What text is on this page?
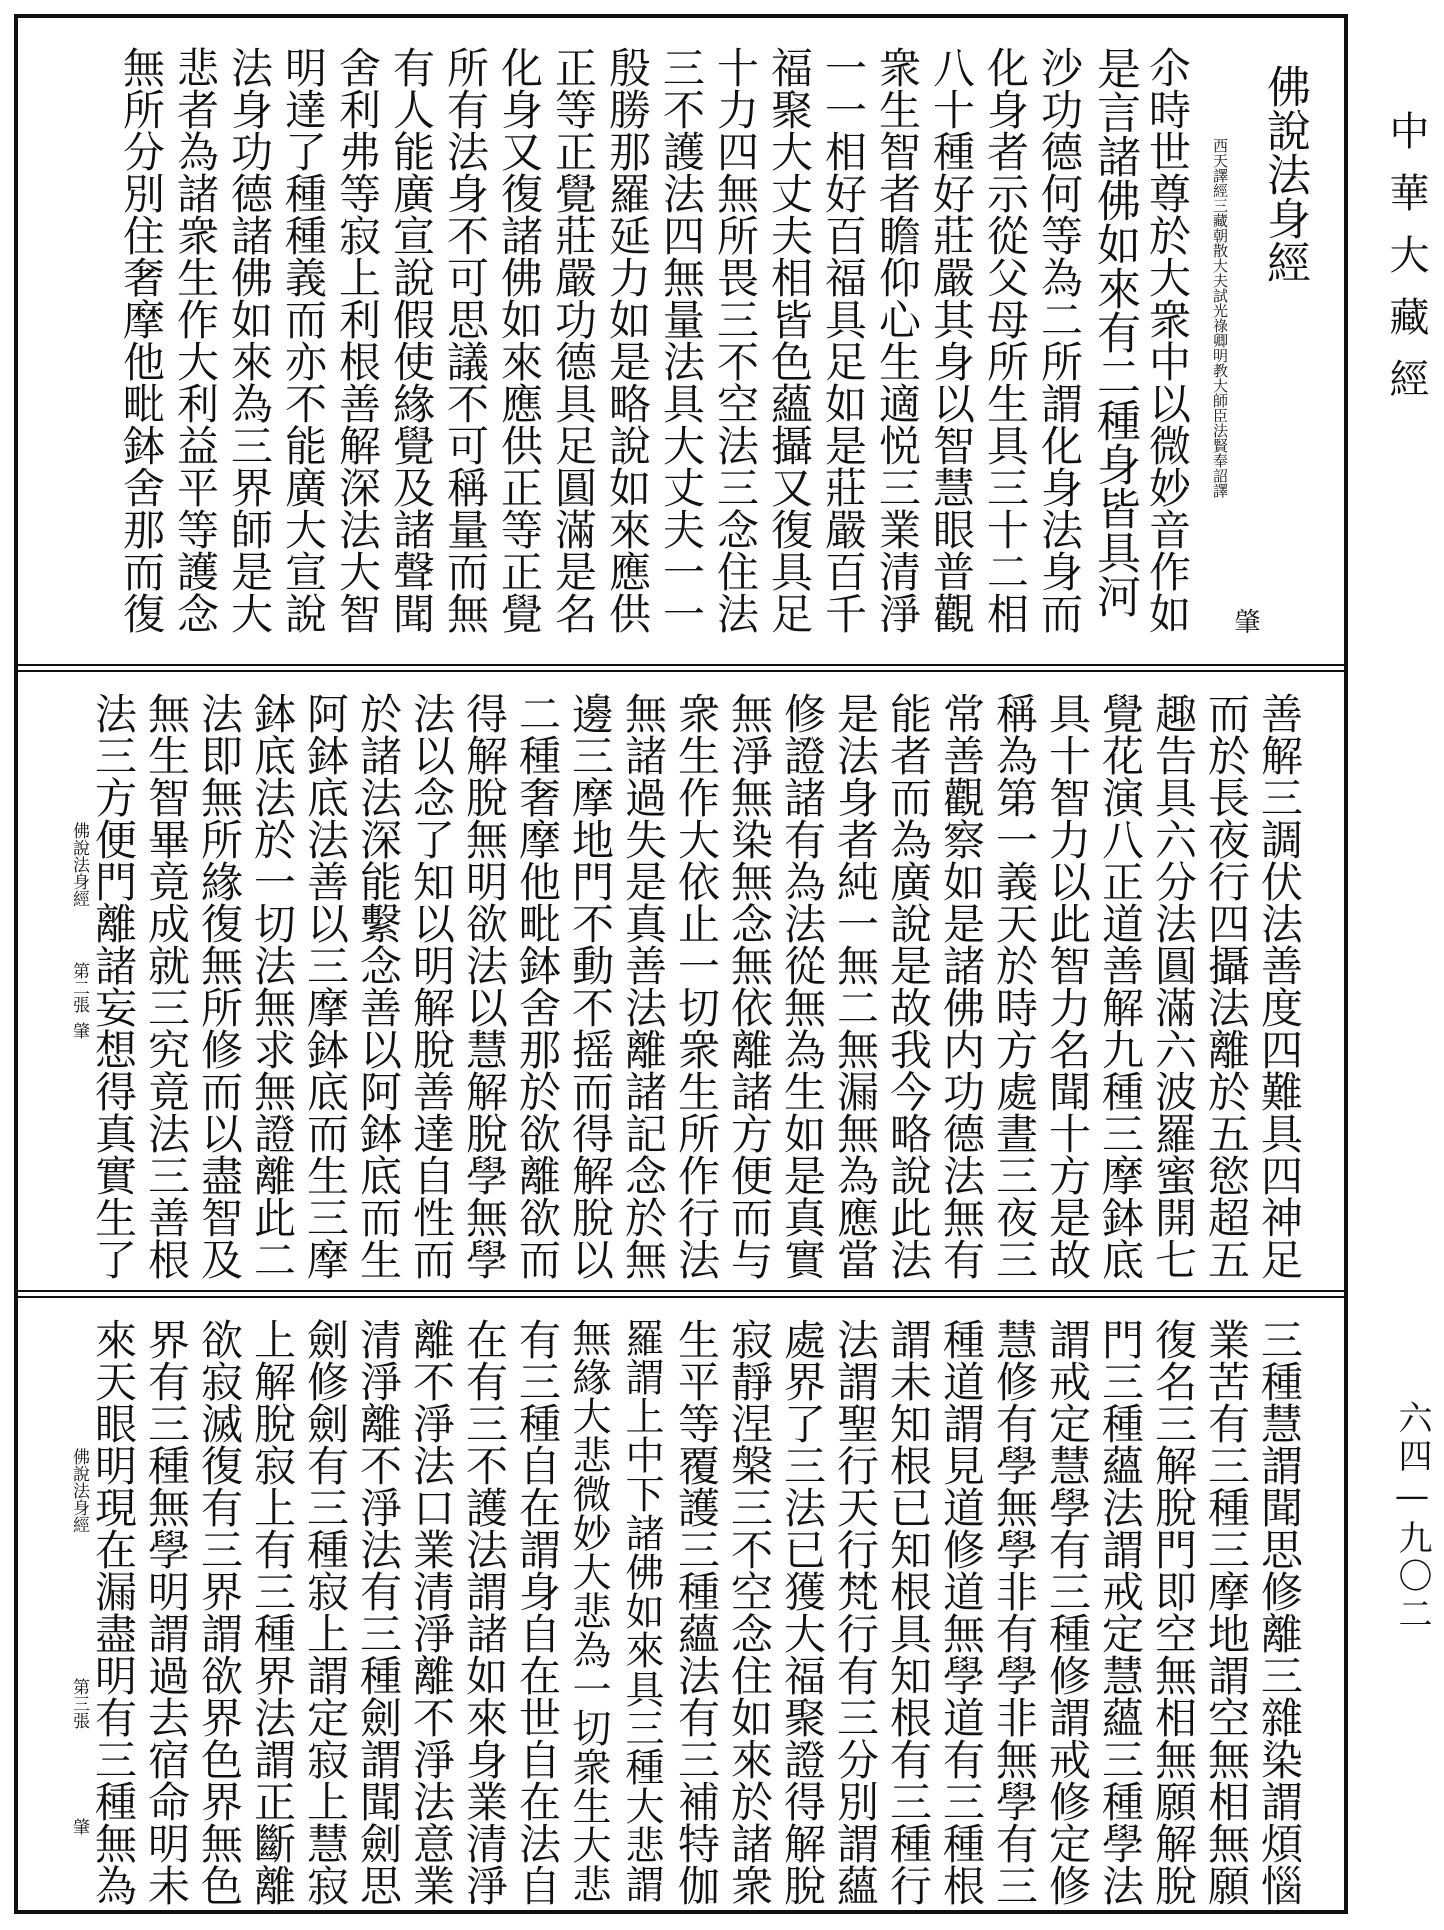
中華大藏經
六四—九〇二
佛說法身經
西天譯經三藏朝散大夫試光祿卿明教大師臣法賢奉詔譯
肇
尒時世尊於大衆中以微妙音作如
是言諸佛如來有二種身皆具河
沙功德何等為二所謂化身法身而
化身者示從父母所生具三十二相
八十種好莊嚴其身以智慧眼普觀
衆生智者瞻仰心生適悦三業清淨
一一相好百福具足如是莊嚴百千
福聚大丈夫相皆色蘊攝又復具足
十力四無所畏三不空法三念住法
三不護法四無量法具大丈夫一一
殷勝那羅延力如是略說如來應供
正等正覺莊嚴功德具足圓滿是名
化身又復諸佛如來應供正等正覺
所有法身不可思議不可稱量而無
有人能廣宣說假使緣覺及諸聲聞
舍利弗等寂上利根善解深法大智
明達了種種義而亦不能廣大宣說
法身功德諸佛如來為三界師是大
悲者為諸衆生作大利益平等護念
無所分別住奢摩他毗鉢舍那而復
佛說法身經
第二張
肇	善解三調伏法善度四難具四神足
而於長夜行四攝法離於五慾超五
趣告具六分法圓滿六波羅蜜開七
覺花演八正道善解九種三摩鉢底
具十智力以此智力名聞十方是故
稱為第一義天於時方處晝三夜三
常善觀察如是諸佛内功德法無有
能者而為廣說是故我今略說此法
是法身者純一無二無漏無為應當
修證諸有為法從無為生如是真實
無淨無染無念無依離諸方便而与
衆生作大依止一切衆生所作行法
無諸過失是真善法離諸記念於無
邊三摩地門不動不摇而得解脫以
二種奢摩他毗鉢舍那於欲離欲而
得解脫無明欲法以慧解脫學無學
法以念了知以明解脫善達自性而
於諸法深能繫念善以阿鉢底而生
阿鉢底法善以三摩鉢底而生三摩
鉢底法於一切法無求無證離此二
法即無所緣復無所修而以盡智及
無生智畢竟成就三究竟法三善根
法三方便門離諸妄想得真實生了
佛說法身經
第三張
肇	三種慧謂聞思修離三雜染謂煩惱
業苦有三種三摩地謂空無相無願
復名三解脫門即空無相無願解脫
門三種蘊法謂戒定慧蘊三種學法
謂戒定慧學有三種修謂戒修定修
慧修有學無學非有學非無學有三
種道謂見道修道無學道有三種根
謂未知根已知根具知根有三種行
法謂聖行天行梵行有三分別謂蘊
處界了三法已獲大福聚證得解脫
寂靜涅槃三不空念住如來於諸衆
生平等覆護三種蘊法有三補特伽
羅謂上中下諸佛如來具三種大悲謂
無緣大悲微妙大悲為一切衆生大悲
有三種自在謂身自在世自在法自
在有三不護法謂諸如來身業清淨
離不淨法口業清淨離不淨法意業
清淨離不淨法有三種劍謂聞劍思
劍修劍有三種寂上謂定寂上慧寂
上解脫寂上有三種界法謂正斷離
欲寂滅復有三界謂欲界色界無色
界有三種無學明謂過去宿命明未
來天眼明現在漏盡明有三種無為
